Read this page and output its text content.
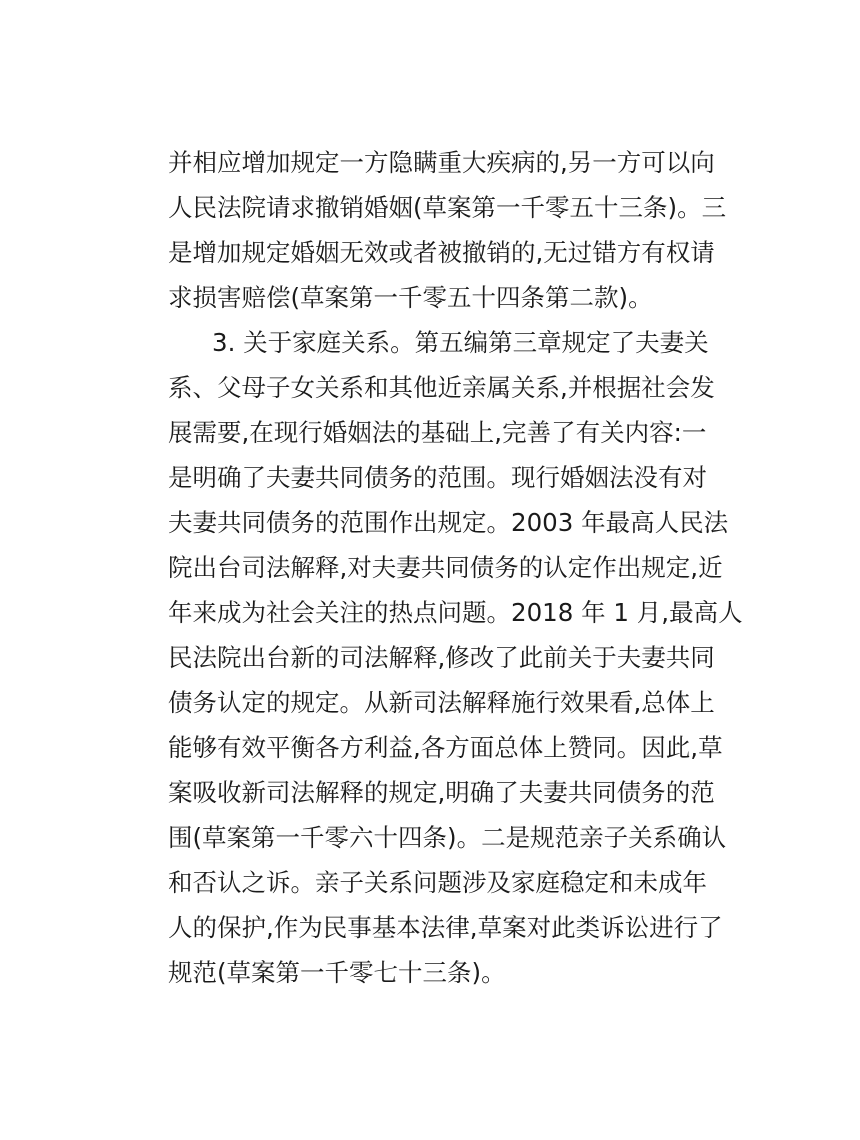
并相应增加规定一方隐瞒重大疾病的,另一方可以向
人民法院请求撤销婚姻(草案第一千零五十三条)。三
是增加规定婚姻无效或者被撤销的,无过错方有权请
求损害赔偿(草案第一千零五十四条第二款)。
3. 关于家庭关系。第五编第三章规定了夫妻关
系、父母子女关系和其他近亲属关系,并根据社会发
展需要,在现行婚姻法的基础上,完善了有关内容:一
是明确了夫妻共同债务的范围。现行婚姻法没有对
夫妻共同债务的范围作出规定。2003 年最高人民法
院出台司法解释,对夫妻共同债务的认定作出规定,近
年来成为社会关注的热点问题。2018 年 1 月,最高人
民法院出台新的司法解释,修改了此前关于夫妻共同
债务认定的规定。从新司法解释施行效果看,总体上
能够有效平衡各方利益,各方面总体上赞同。因此,草
案吸收新司法解释的规定,明确了夫妻共同债务的范
围(草案第一千零六十四条)。二是规范亲子关系确认
和否认之诉。亲子关系问题涉及家庭稳定和未成年
人的保护,作为民事基本法律,草案对此类诉讼进行了
规范(草案第一千零七十三条)。
